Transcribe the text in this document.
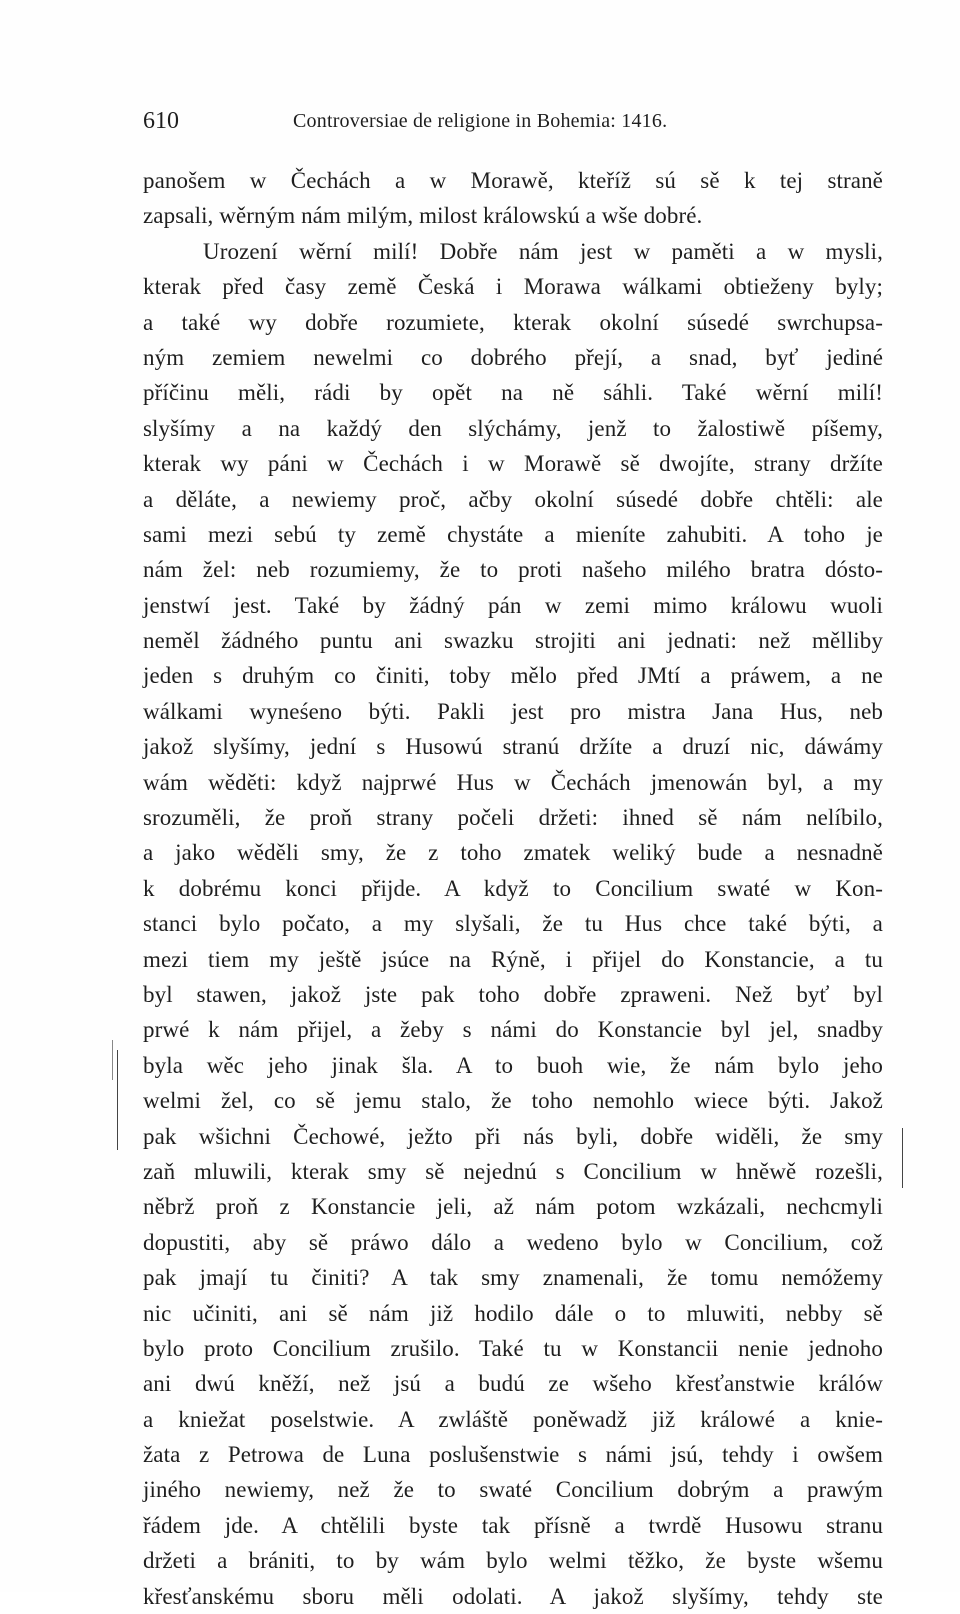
610	Controversiae de religione in Bohemia: 1416.
panošem w Čechách a w Morawě, kteříž sú sě k tej straně
zapsali, wěrným nám milým, milost králowskú a wše dobré.
Urození wěrní milí! Dobře nám jest w paměti a w mysli,
kterak před časy země Česká i Morawa wálkami obtieženy byly;
a také wy dobře rozumiete, kterak okolní súsedé swrchupsa-
ným zemiem newelmi co dobrého přejí, a snad, byť jediné
příčinu měli, rádi by opět na ně sáhli. Také wěrní milí!
slyšímy a na každý den slýchámy, jenž to žalostiwě píšemy,
kterak wy páni w Čechách i w Morawě sě dwojíte, strany držíte
a děláte, a newiemy proč, ačby okolní súsedé dobře chtěli: ale
sami mezi sebú ty země chystáte a mieníte zahubiti. A toho je
nám žel: neb rozumiemy, že to proti našeho milého bratra dósto-
jenstwí jest. Také by žádný pán w zemi mimo králowu wuoli
neměl žádného puntu ani swazku strojiti ani jednati: než mělliby
jeden s druhým co činiti, toby mělo před JMtí a práwem, a ne
wálkami wyneśeno býti. Pakli jest pro mistra Jana Hus, neb
jakož slyšímy, jední s Husowú stranú držíte a druzí nic, dáwámy
wám wěděti: když najprwé Hus w Čechách jmenowán byl, a my
srozuměli, že proň strany počeli držeti: ihned sě nám nelíbilo,
a jako wěděli smy, že z toho zmatek weliký bude a nesnadně
k dobrému konci přijde. A když to Concilium swaté w Kon-
stanci bylo počato, a my slyšali, že tu Hus chce také býti, a
mezi tiem my ještě jsúce na Rýně, i přijel do Konstancie, a tu
byl stawen, jakož jste pak toho dobře zpraweni. Než byť byl
prwé k nám přijel, a žeby s námi do Konstancie byl jel, snadby
byla wěc jeho jinak šla. A to buoh wie, že nám bylo jeho
welmi žel, co sě jemu stalo, že toho nemohlo wiece býti. Jakož
pak wšichni Čechowé, ježto při nás byli, dobře widěli, že smy
zaň mluwili, kterak smy sě nejednú s Concilium w hněwě rozešli,
něbrž proň z Konstancie jeli, až nám potom wzkázali, nechcmyli
dopustiti, aby sě práwo dálo a wedeno bylo w Concilium, což
pak jmají tu činiti? A tak smy znamenali, že tomu nemóžemy
nic učiniti, ani sě nám již hodilo dále o to mluwiti, nebby sě
bylo proto Concilium zrušilo. Také tu w Konstancii nenie jednoho
ani dwú kněží, než jsú a budú ze wšeho křesťanstwie králów
a kniežat poselstwie. A zwláště poněwadž již králowé a knie-
žata z Petrowa de Luna poslušenstwie s námi jsú, tehdy i owšem
jiného newiemy, než že to swaté Concilium dobrým a prawým
řádem jde. A chtělili byste tak přísně a twrdě Husowu stranu
držeti a brániti, to by wám bylo welmi těžko, že byste wšemu
křesťanskému sboru měli odolati. A jakož slyšímy, tehdy ste
